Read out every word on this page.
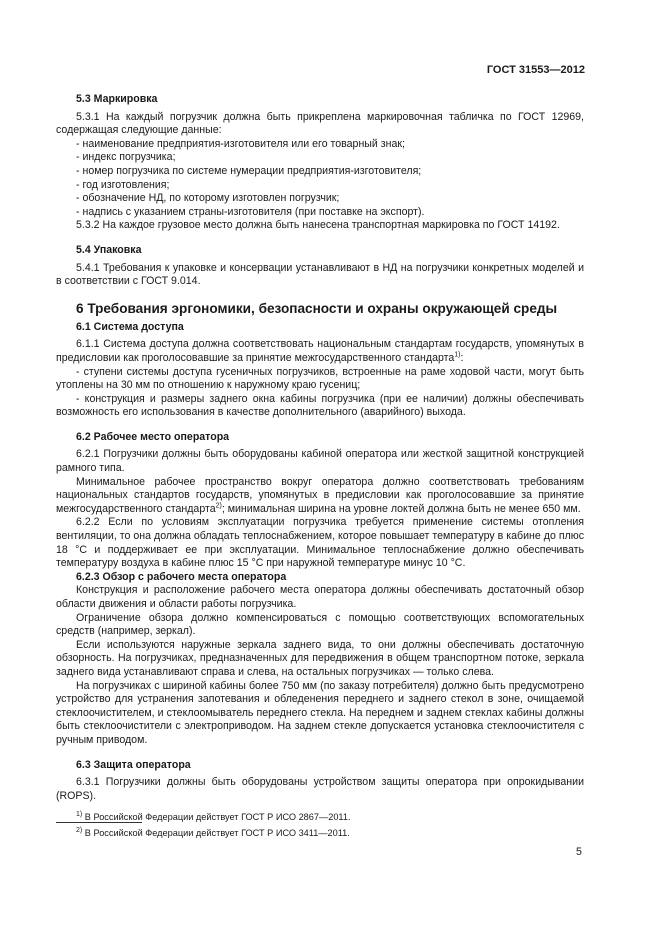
ГОСТ 31553—2012
5.3 Маркировка
5.3.1 На каждый погрузчик должна быть прикреплена маркировочная табличка по ГОСТ 12969, содержащая следующие данные:
- наименование предприятия-изготовителя или его товарный знак;
- индекс погрузчика;
- номер погрузчика по системе нумерации предприятия-изготовителя;
- год изготовления;
- обозначение НД, по которому изготовлен погрузчик;
- надпись с указанием страны-изготовителя (при поставке на экспорт).
5.3.2 На каждое грузовое место должна быть нанесена транспортная маркировка по ГОСТ 14192.
5.4 Упаковка
5.4.1 Требования к упаковке и консервации устанавливают в НД на погрузчики конкретных моделей и в соответствии с ГОСТ 9.014.
6 Требования эргономики, безопасности и охраны окружающей среды
6.1 Система доступа
6.1.1 Система доступа должна соответствовать национальным стандартам государств, упомянутых в предисловии как проголосовавшие за принятие межгосударственного стандарта$^{1)}$:
- ступени системы доступа гусеничных погрузчиков, встроенные на раме ходовой части, могут быть утоплены на 30 мм по отношению к наружному краю гусениц;
- конструкция и размеры заднего окна кабины погрузчика (при ее наличии) должны обеспечивать возможность его использования в качестве дополнительного (аварийного) выхода.
6.2 Рабочее место оператора
6.2.1 Погрузчики должны быть оборудованы кабиной оператора или жесткой защитной конструкцией рамного типа.
Минимальное рабочее пространство вокруг оператора должно соответствовать требованиям национальных стандартов государств, упомянутых в предисловии как проголосовавшие за принятие межгосударственного стандарта$^{2)}$; минимальная ширина на уровне локтей должна быть не менее 650 мм.
6.2.2 Если по условиям эксплуатации погрузчика требуется применение системы отопления вентиляции, то она должна обладать теплоснабжением, которое повышает температуру в кабине до плюс 18 °С и поддерживает ее при эксплуатации. Минимальное теплоснабжение должно обеспечивать температуру воздуха в кабине плюс 15 °С при наружной температуре минус 10 °С.
6.2.3 Обзор с рабочего места оператора
Конструкция и расположение рабочего места оператора должны обеспечивать достаточный обзор области движения и области работы погрузчика.
Ограничение обзора должно компенсироваться с помощью соответствующих вспомогательных средств (например, зеркал).
Если используются наружные зеркала заднего вида, то они должны обеспечивать достаточную обзорность. На погрузчиках, предназначенных для передвижения в общем транспортном потоке, зеркала заднего вида устанавливают справа и слева, на остальных погрузчиках — только слева.
На погрузчиках с шириной кабины более 750 мм (по заказу потребителя) должно быть предусмотрено устройство для устранения запотевания и обледенения переднего и заднего стекол в зоне, очищаемой стеклоочистителем, и стеклоомыватель переднего стекла. На переднем и заднем стеклах кабины должны быть стеклоочистители с электроприводом. На заднем стекле допускается установка стеклоочистителя с ручным приводом.
6.3 Защита оператора
6.3.1 Погрузчики должны быть оборудованы устройством защиты оператора при опрокидывании (ROPS).
$^{1)}$ В Российской Федерации действует ГОСТ Р ИСО 2867—2011.
$^{2)}$ В Российской Федерации действует ГОСТ Р ИСО 3411—2011.
5
